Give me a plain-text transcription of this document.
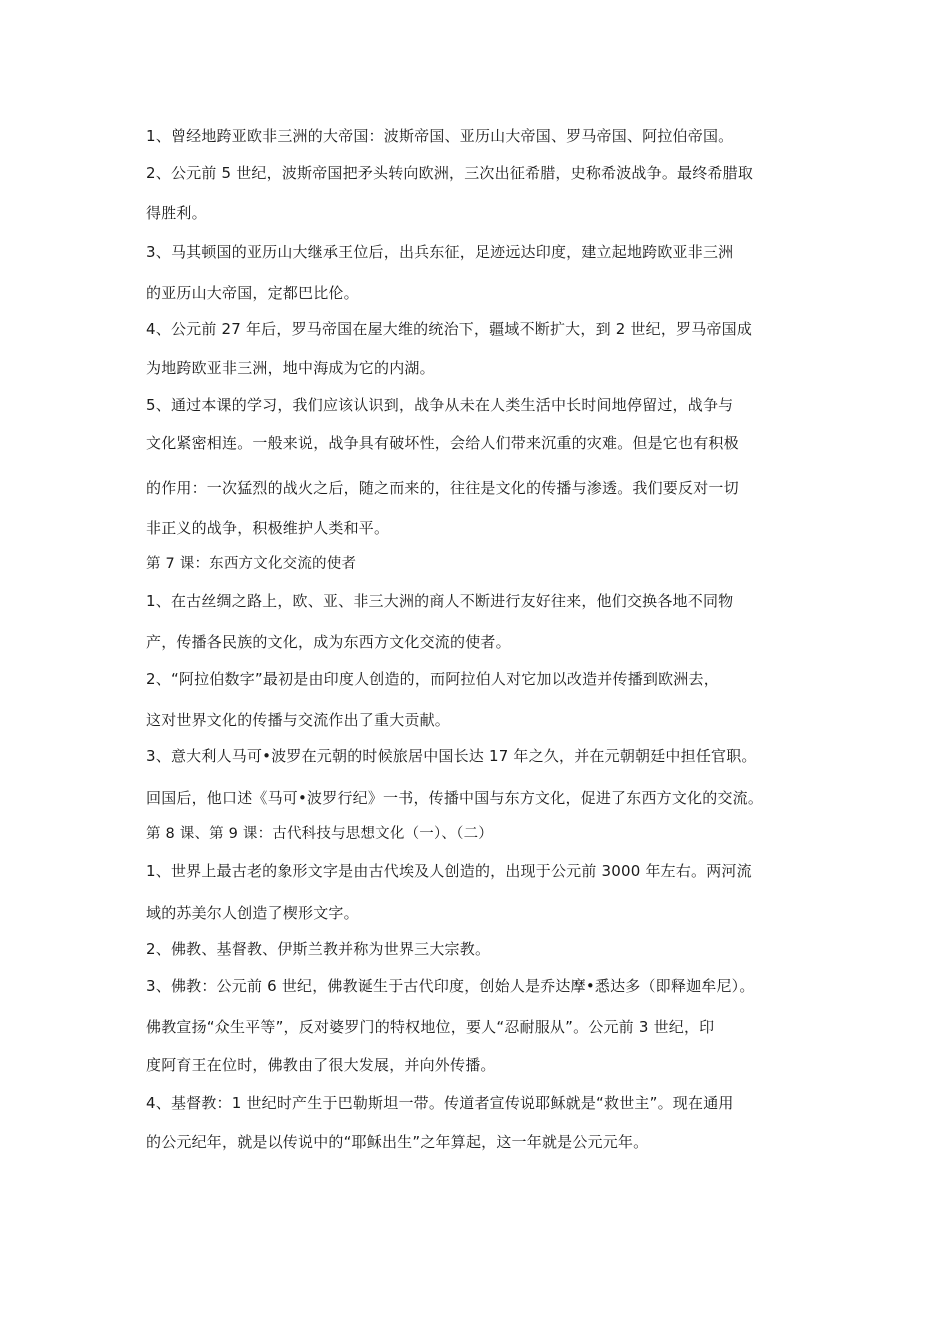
1、曾经地跨亚欧非三洲的大帝国：波斯帝国、亚历山大帝国、罗马帝国、阿拉伯帝国。
2、公元前 5 世纪，波斯帝国把矛头转向欧洲，三次出征希腊，史称希波战争。最终希腊取
得胜利。
3、马其顿国的亚历山大继承王位后，出兵东征，足迹远达印度，建立起地跨欧亚非三洲
的亚历山大帝国，定都巴比伦。
4、公元前 27 年后，罗马帝国在屋大维的统治下，疆域不断扩大，到 2 世纪，罗马帝国成
为地跨欧亚非三洲，地中海成为它的内湖。
5、通过本课的学习，我们应该认识到，战争从未在人类生活中长时间地停留过，战争与
文化紧密相连。一般来说，战争具有破坏性，会给人们带来沉重的灾难。但是它也有积极
的作用：一次猛烈的战火之后，随之而来的，往往是文化的传播与渗透。我们要反对一切
非正义的战争，积极维护人类和平。
第 7 课：东西方文化交流的使者
1、在古丝绸之路上，欧、亚、非三大洲的商人不断进行友好往来，他们交换各地不同物
产，传播各民族的文化，成为东西方文化交流的使者。
2、“阿拉伯数字”最初是由印度人创造的，而阿拉伯人对它加以改造并传播到欧洲去，
这对世界文化的传播与交流作出了重大贡献。
3、意大利人马可•波罗在元朝的时候旅居中国长达 17 年之久，并在元朝朝廷中担任官职。
回国后，他口述《马可•波罗行纪》一书，传播中国与东方文化，促进了东西方文化的交流。
第 8 课、第 9 课：古代科技与思想文化（一）、（二）
1、世界上最古老的象形文字是由古代埃及人创造的，出现于公元前 3000 年左右。两河流
域的苏美尔人创造了楔形文字。
2、佛教、基督教、伊斯兰教并称为世界三大宗教。
3、佛教：公元前 6 世纪，佛教诞生于古代印度，创始人是乔达摩•悉达多（即释迦牟尼）。
佛教宣扬“众生平等”，反对婆罗门的特权地位，要人“忍耐服从”。公元前 3 世纪，印
度阿育王在位时，佛教由了很大发展，并向外传播。
4、基督教：1 世纪时产生于巴勒斯坦一带。传道者宣传说耶稣就是“救世主”。现在通用
的公元纪年，就是以传说中的“耶稣出生”之年算起，这一年就是公元元年。
